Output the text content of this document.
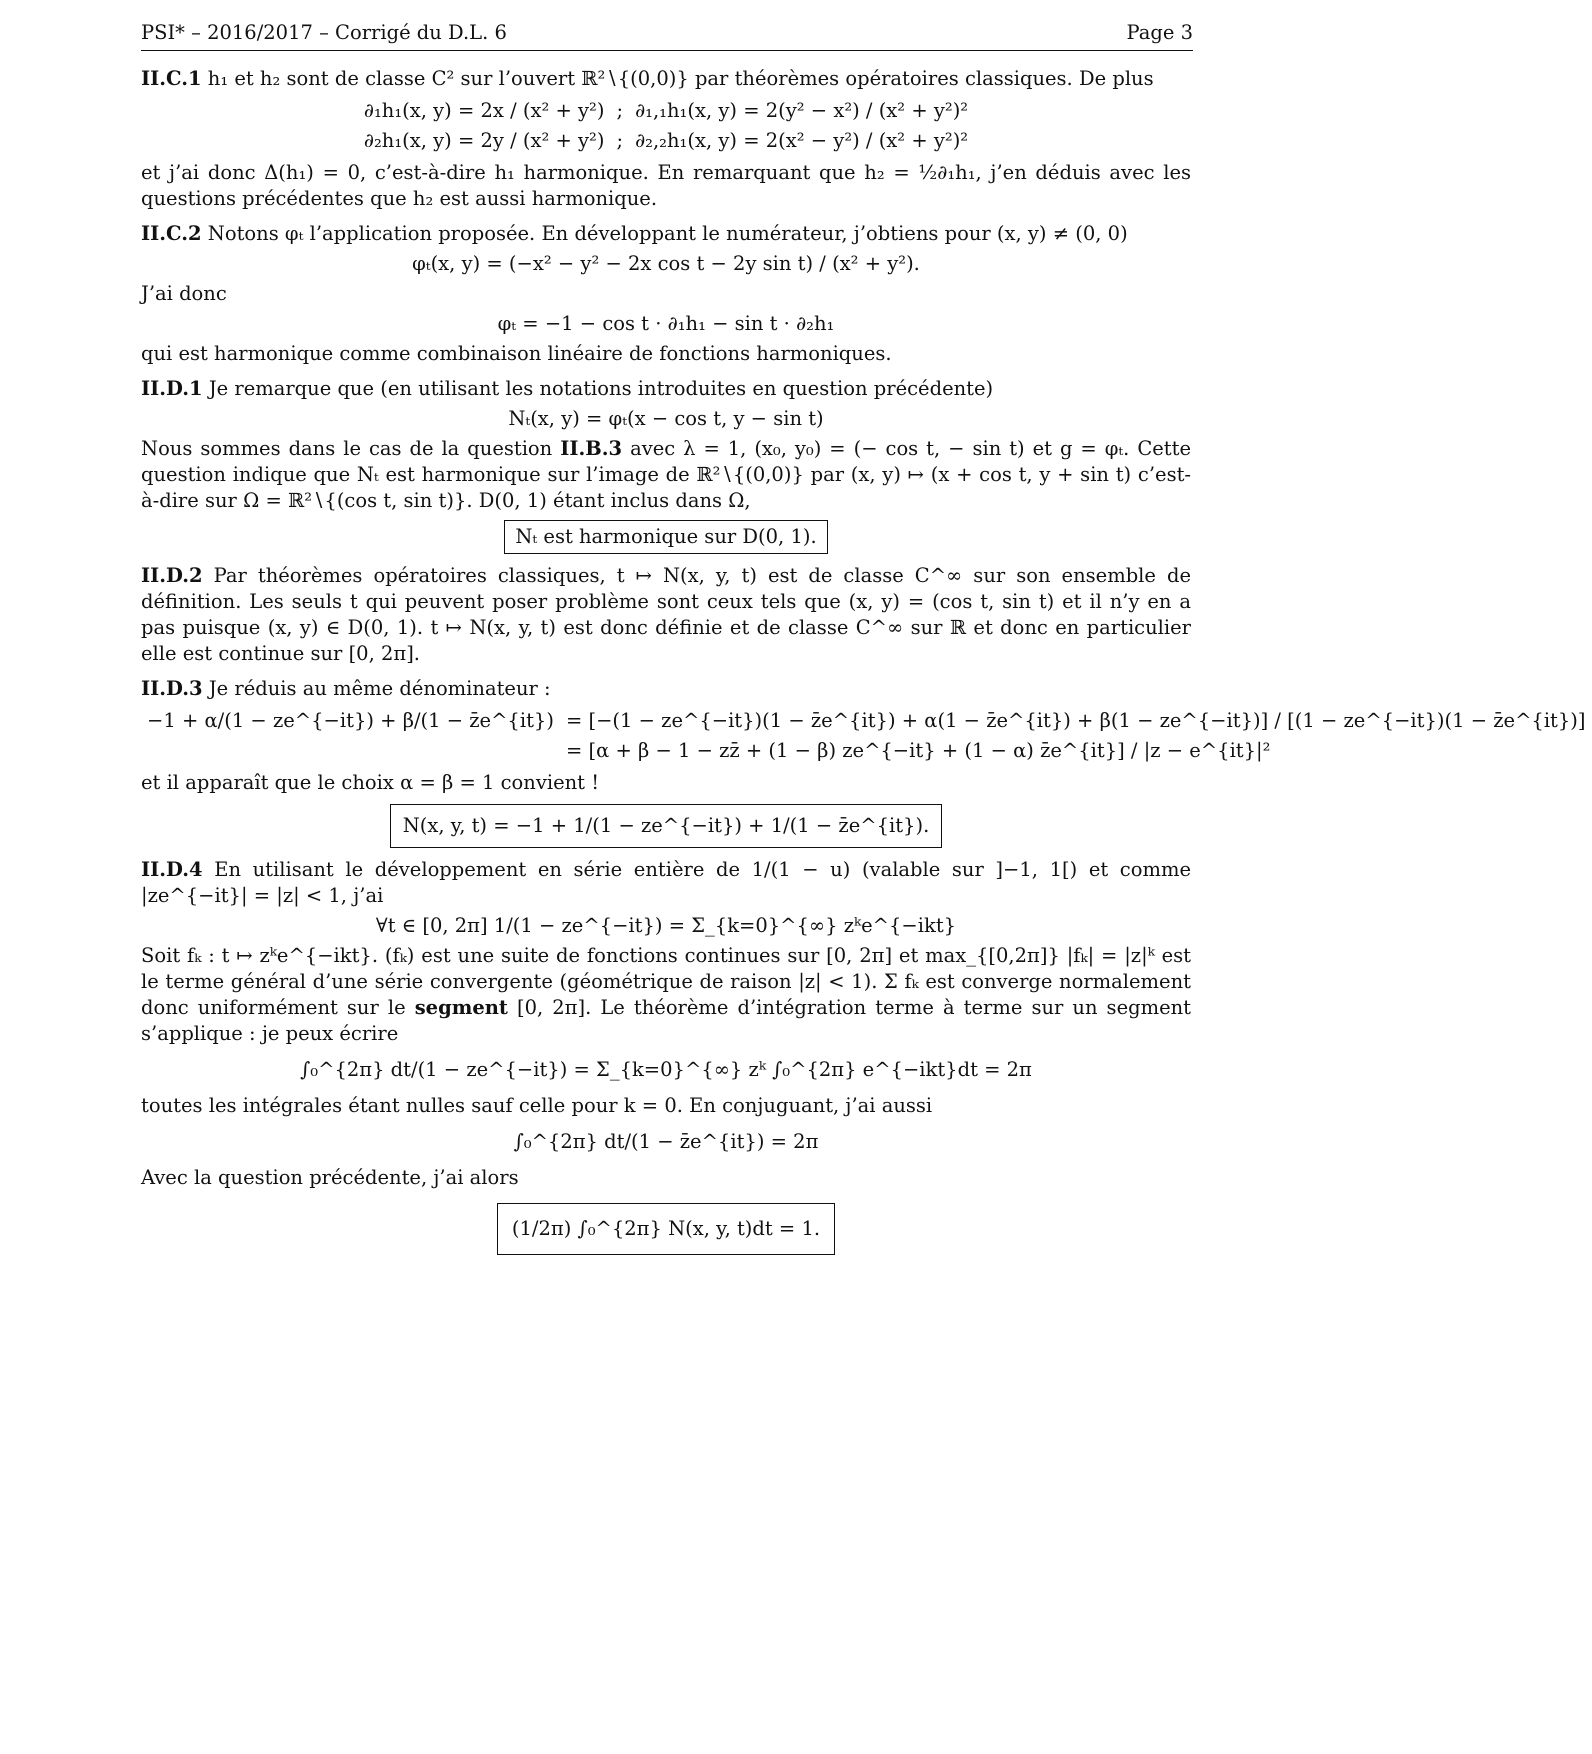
PSI* – 2016/2017 – Corrigé du D.L. 6	Page 3

II.C.1 h₁ et h₂ sont de classe C² sur l’ouvert ℝ²∖{(0,0)} par théorèmes opératoires classiques. De plus

∂₁h₁(x, y) = 2x / (x² + y²)	;	∂₁,₁h₁(x, y) = 2(y² − x²) / (x² + y²)²
∂₂h₁(x, y) = 2y / (x² + y²)	;	∂₂,₂h₁(x, y) = 2(x² − y²) / (x² + y²)²

et j’ai donc Δ(h₁) = 0, c’est-à-dire h₁ harmonique. En remarquant que h₂ = ½∂₁h₁, j’en déduis avec les questions précédentes que h₂ est aussi harmonique.

II.C.2 Notons φₜ l’application proposée. En développant le numérateur, j’obtiens pour (x, y) ≠ (0, 0)

φₜ(x, y) = (−x² − y² − 2x cos t − 2y sin t) / (x² + y²).

J’ai donc

φₜ = −1 − cos t · ∂₁h₁ − sin t · ∂₂h₁

qui est harmonique comme combinaison linéaire de fonctions harmoniques.

II.D.1 Je remarque que (en utilisant les notations introduites en question précédente)

Nₜ(x, y) = φₜ(x − cos t, y − sin t)

Nous sommes dans le cas de la question II.B.3 avec λ = 1, (x₀, y₀) = (− cos t, − sin t) et g = φₜ. Cette question indique que Nₜ est harmonique sur l’image de ℝ²∖{(0,0)} par (x, y) ↦ (x + cos t, y + sin t) c’est-à-dire sur Ω = ℝ²∖{(cos t, sin t)}. D(0, 1) étant inclus dans Ω,

Nₜ est harmonique sur D(0, 1).

II.D.2 Par théorèmes opératoires classiques, t ↦ N(x, y, t) est de classe C^∞ sur son ensemble de définition. Les seuls t qui peuvent poser problème sont ceux tels que (x, y) = (cos t, sin t) et il n’y en a pas puisque (x, y) ∈ D(0, 1). t ↦ N(x, y, t) est donc définie et de classe C^∞ sur ℝ et donc en particulier elle est continue sur [0, 2π].

II.D.3 Je réduis au même dénominateur :

−1 + α/(1 − ze^{−it}) + β/(1 − z̄e^{it})	= [−(1 − ze^{−it})(1 − z̄e^{it}) + α(1 − z̄e^{it}) + β(1 − ze^{−it})] / [(1 − ze^{−it})(1 − z̄e^{it})]
	= [α + β − 1 − zz̄ + (1 − β) ze^{−it} + (1 − α) z̄e^{it}] / |z − e^{it}|²

et il apparaît que le choix α = β = 1 convient !

N(x, y, t) = −1 + 1/(1 − ze^{−it}) + 1/(1 − z̄e^{it}).

II.D.4 En utilisant le développement en série entière de 1/(1 − u) (valable sur ]−1, 1[) et comme |ze^{−it}| = |z| < 1, j’ai

∀t ∈ [0, 2π] 1/(1 − ze^{−it}) = Σ_{k=0}^{∞} zᵏe^{−ikt}

Soit fₖ : t ↦ zᵏe^{−ikt}. (fₖ) est une suite de fonctions continues sur [0, 2π] et max_{[0,2π]} |fₖ| = |z|ᵏ est le terme général d’une série convergente (géométrique de raison |z| < 1). Σ fₖ est converge normalement donc uniformément sur le segment [0, 2π]. Le théorème d’intégration terme à terme sur un segment s’applique : je peux écrire

∫₀^{2π} dt/(1 − ze^{−it}) = Σ_{k=0}^{∞} zᵏ ∫₀^{2π} e^{−ikt}dt = 2π

toutes les intégrales étant nulles sauf celle pour k = 0. En conjuguant, j’ai aussi

∫₀^{2π} dt/(1 − z̄e^{it}) = 2π

Avec la question précédente, j’ai alors

(1/2π) ∫₀^{2π} N(x, y, t)dt = 1.
